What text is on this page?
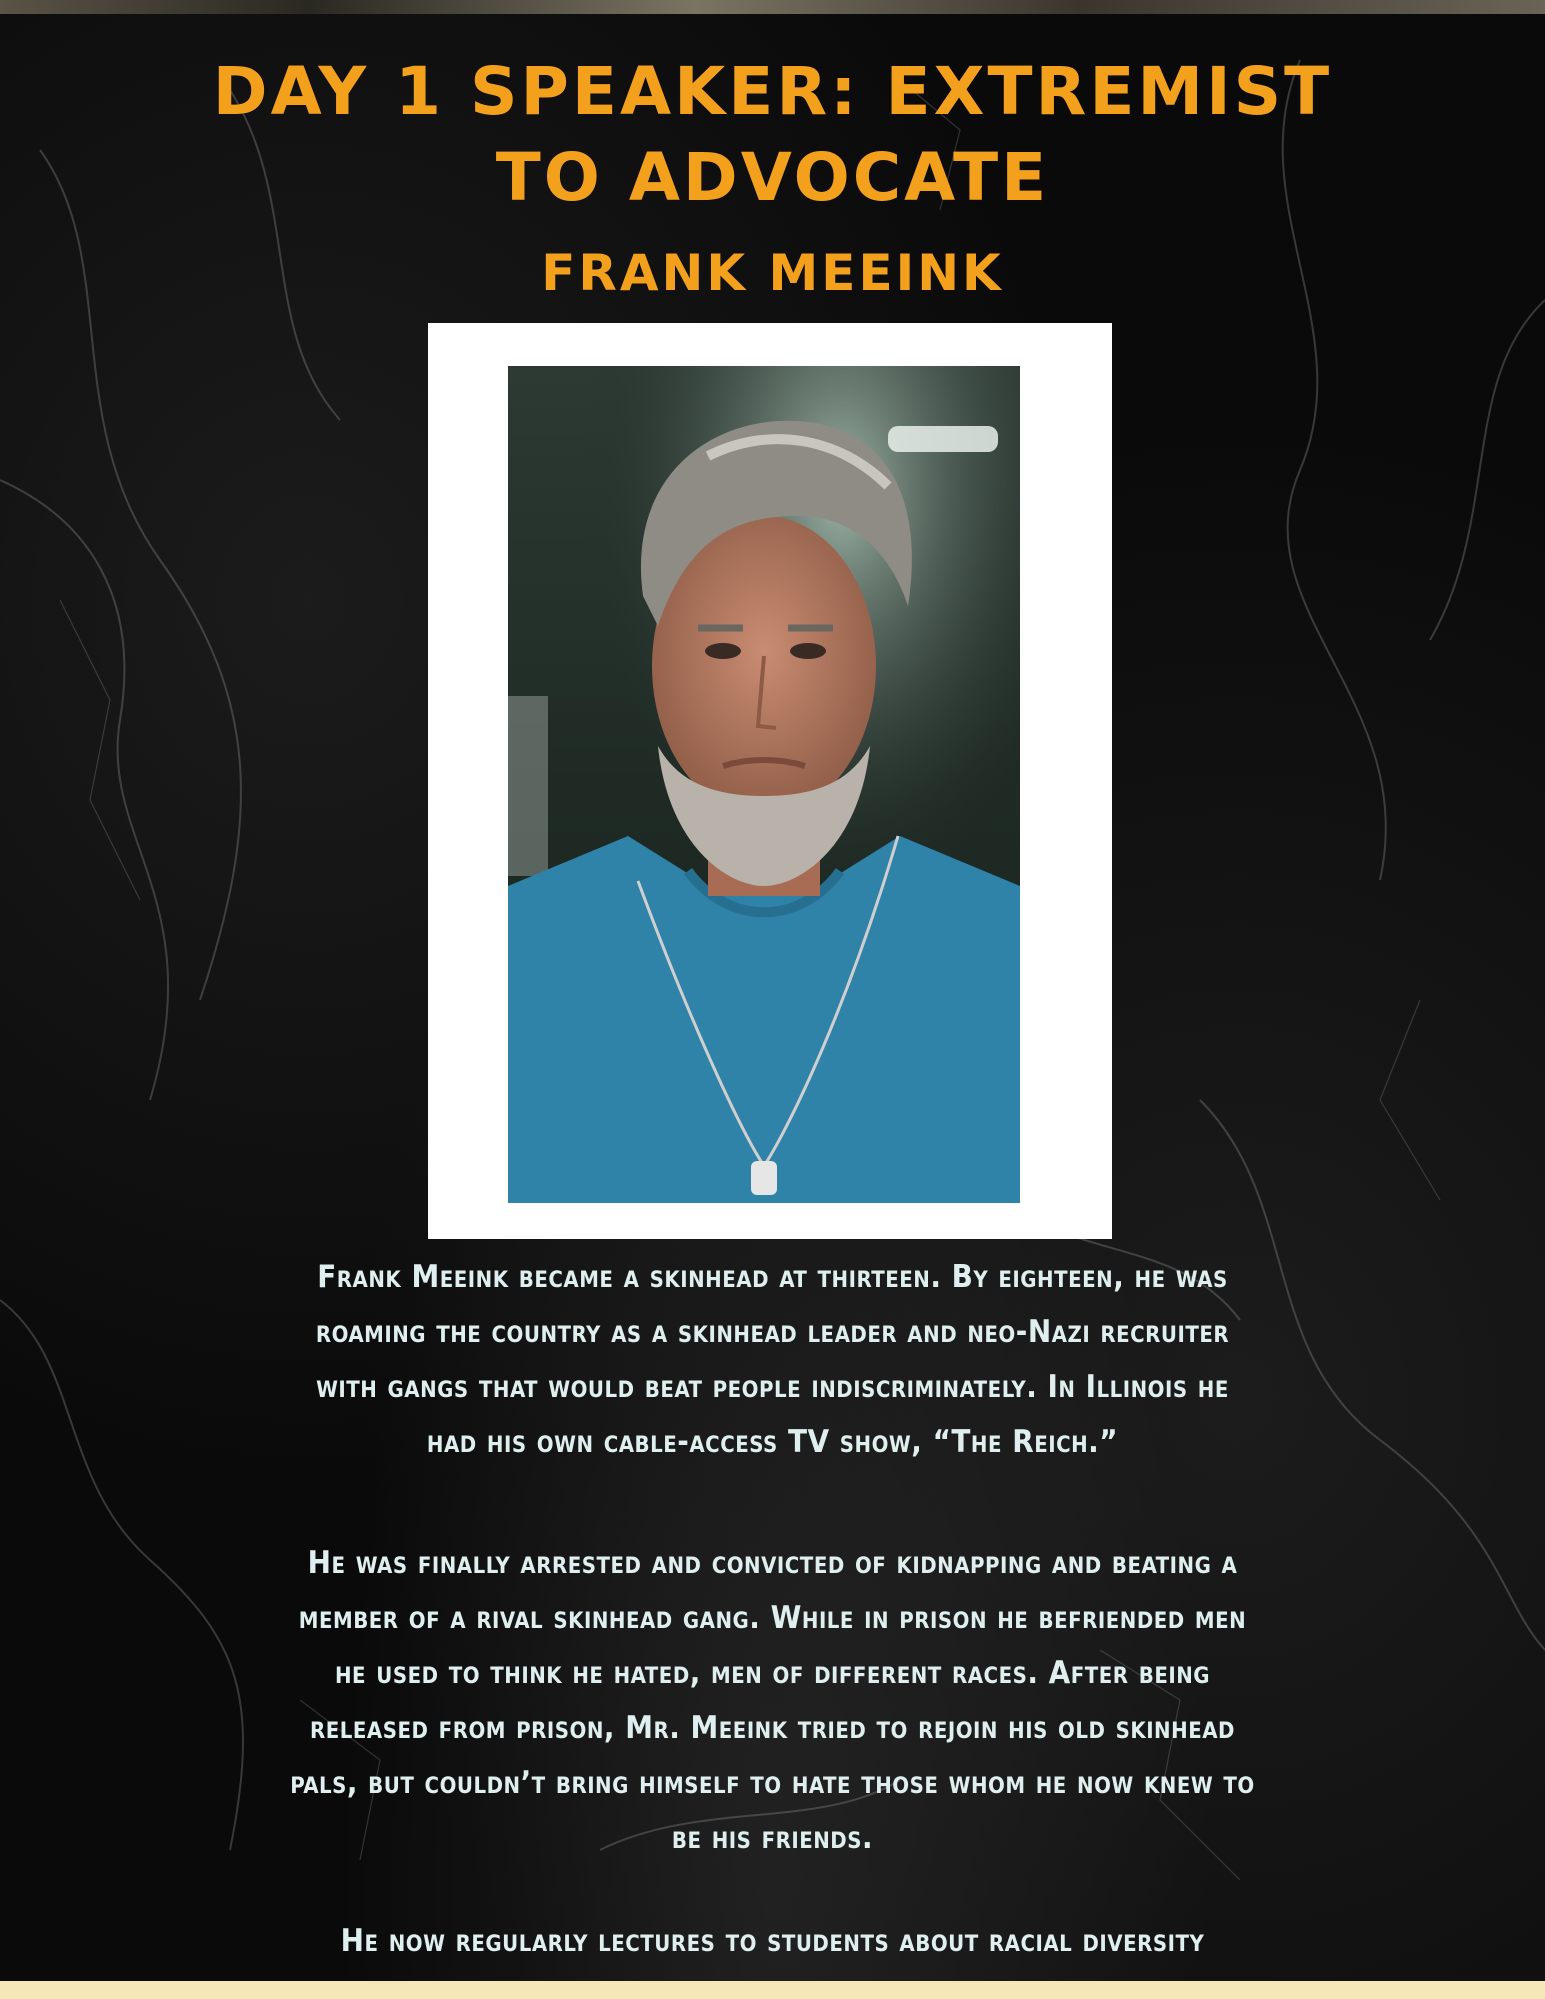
DAY 1 SPEAKER: EXTREMIST
TO ADVOCATE
FRANK MEEINK
Frank Meeink became a skinhead at thirteen. By eighteen, he was
roaming the country as a skinhead leader and neo-Nazi recruiter
with gangs that would beat people indiscriminately. In Illinois he
had his own cable-access TV show, “The Reich.”
He was finally arrested and convicted of kidnapping and beating a
member of a rival skinhead gang. While in prison he befriended men
he used to think he hated, men of different races. After being
released from prison, Mr. Meeink tried to rejoin his old skinhead
pals, but couldn’t bring himself to hate those whom he now knew to
be his friends.
He now regularly lectures to students about racial diversity
